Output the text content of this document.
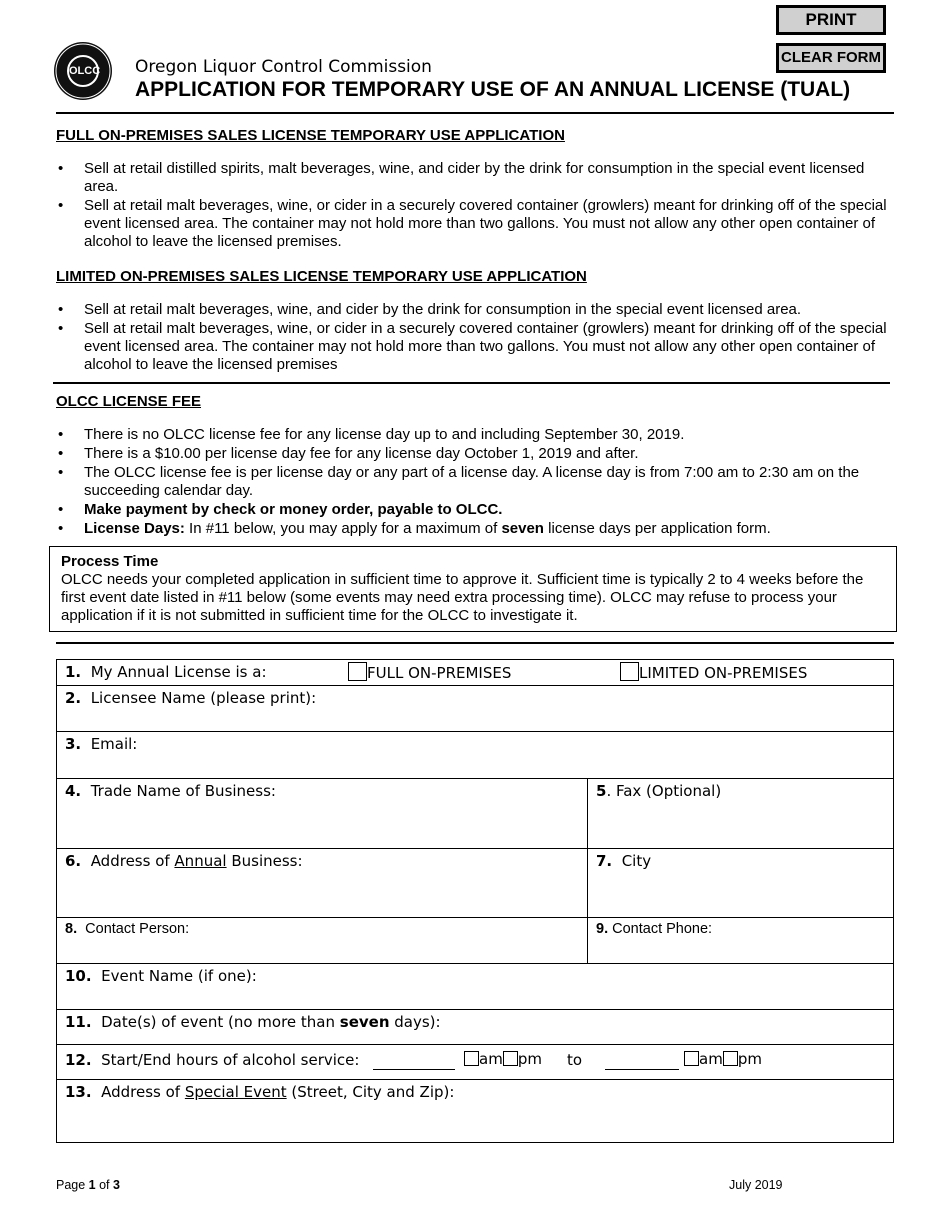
PRINT
CLEAR FORM
OLCC Oregon Liquor Control Commission
APPLICATION FOR TEMPORARY USE OF AN ANNUAL LICENSE (TUAL)
FULL ON-PREMISES SALES LICENSE TEMPORARY USE APPLICATION
• Sell at retail distilled spirits, malt beverages, wine, and cider by the drink for consumption in the special event licensed area.
• Sell at retail malt beverages, wine, or cider in a securely covered container (growlers) meant for drinking off of the special event licensed area. The container may not hold more than two gallons. You must not allow any other open container of alcohol to leave the licensed premises.
LIMITED ON-PREMISES SALES LICENSE TEMPORARY USE APPLICATION
• Sell at retail malt beverages, wine, and cider by the drink for consumption in the special event licensed area.
• Sell at retail malt beverages, wine, or cider in a securely covered container (growlers) meant for drinking off of the special event licensed area. The container may not hold more than two gallons. You must not allow any other open container of alcohol to leave the licensed premises
OLCC LICENSE FEE
• There is no OLCC license fee for any license day up to and including September 30, 2019.
• There is a $10.00 per license day fee for any license day October 1, 2019 and after.
• The OLCC license fee is per license day or any part of a license day. A license day is from 7:00 am to 2:30 am on the succeeding calendar day.
• Make payment by check or money order, payable to OLCC.
• License Days: In #11 below, you may apply for a maximum of seven license days per application form.
Process Time
OLCC needs your completed application in sufficient time to approve it. Sufficient time is typically 2 to 4 weeks before the first event date listed in #11 below (some events may need extra processing time). OLCC may refuse to process your application if it is not submitted in sufficient time for the OLCC to investigate it.
1. My Annual License is a:	FULL ON-PREMISES	LIMITED ON-PREMISES
2. Licensee Name (please print):
3. Email:
4. Trade Name of Business:	5. Fax (Optional)
6. Address of Annual Business:	7. City
8. Contact Person:	9. Contact Phone:
10. Event Name (if one):
11. Date(s) of event (no more than seven days):
12. Start/End hours of alcohol service:	am pm to	am pm
13. Address of Special Event (Street, City and Zip):
Page 1 of 3	July 2019
